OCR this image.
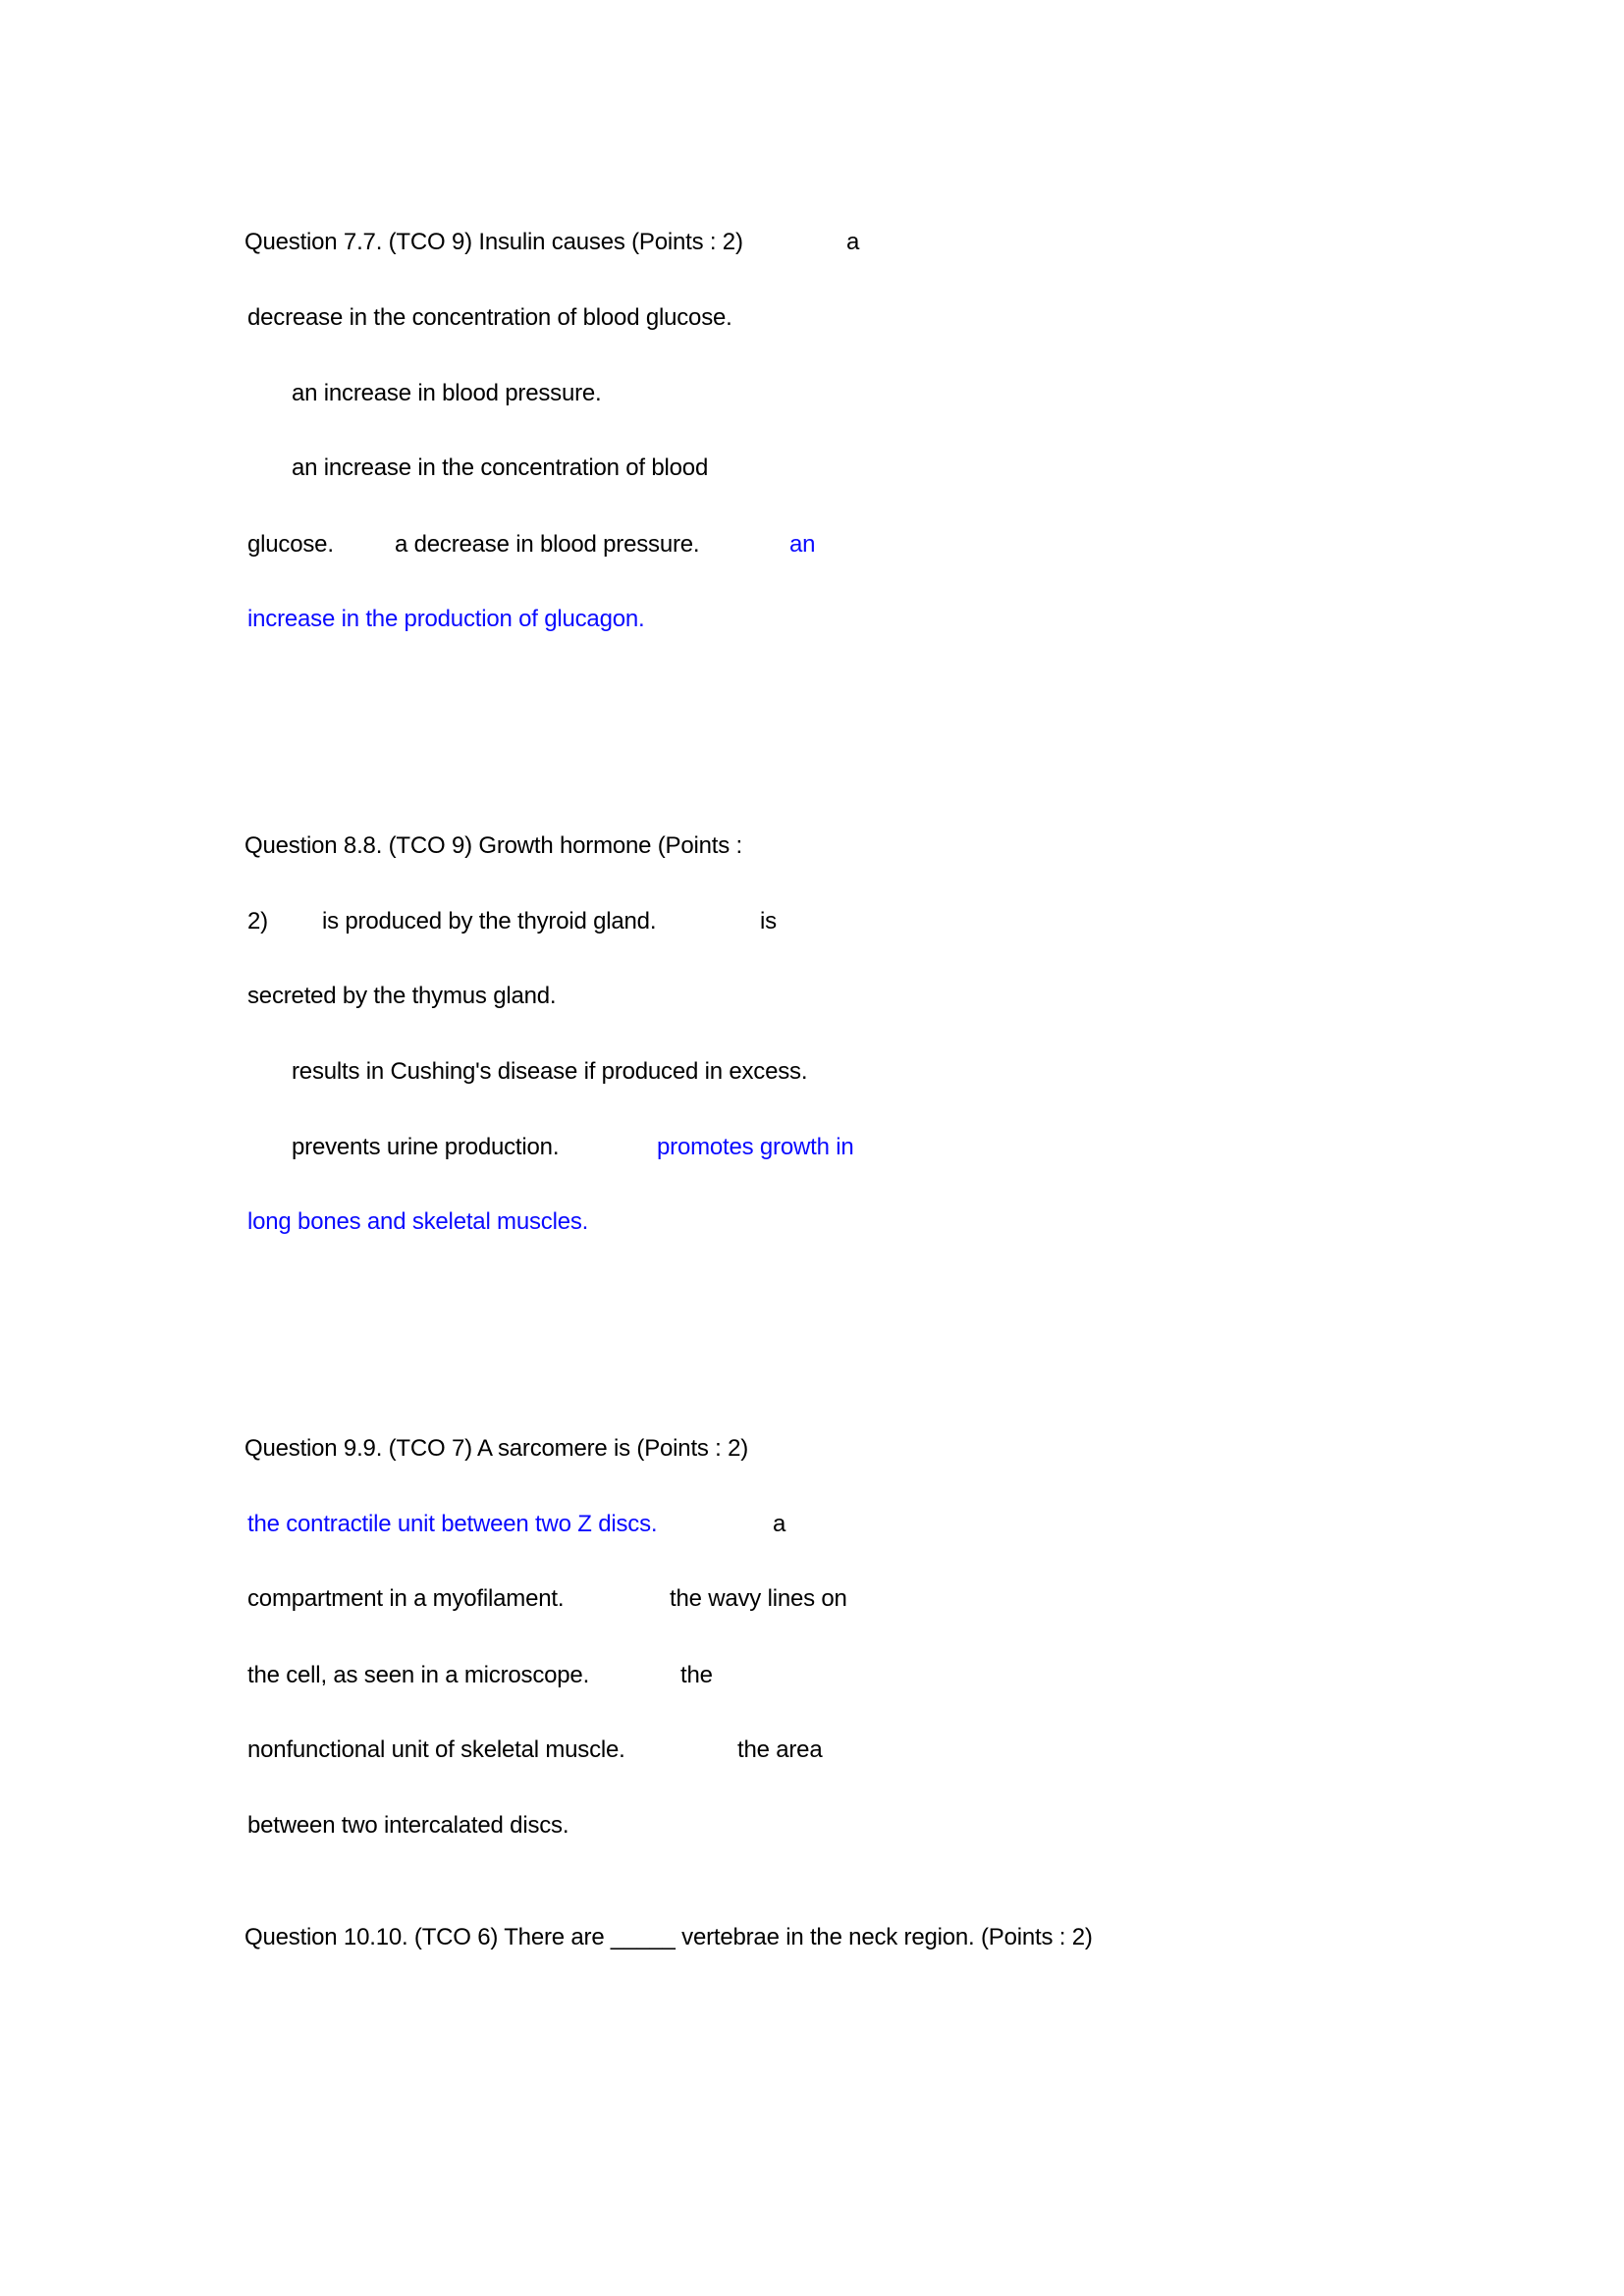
Question 7.7. (TCO 9) Insulin causes (Points : 2)	a
decrease in the concentration of blood glucose.
an increase in blood pressure.
an increase in the concentration of blood
glucose.	a decrease in blood pressure.	an
increase in the production of glucagon.
Question 8.8. (TCO 9) Growth hormone (Points :
2) is produced by the thyroid gland.	is
secreted by the thymus gland.
results in Cushing's disease if produced in excess.
prevents urine production.	promotes growth in
long bones and skeletal muscles.
Question 9.9. (TCO 7) A sarcomere is (Points : 2)
the contractile unit between two Z discs.	a
compartment in a myofilament.	the wavy lines on
the cell, as seen in a microscope.	the
nonfunctional unit of skeletal muscle.	the area
between two intercalated discs.
Question 10.10. (TCO 6) There are _____ vertebrae in the neck region. (Points : 2)
